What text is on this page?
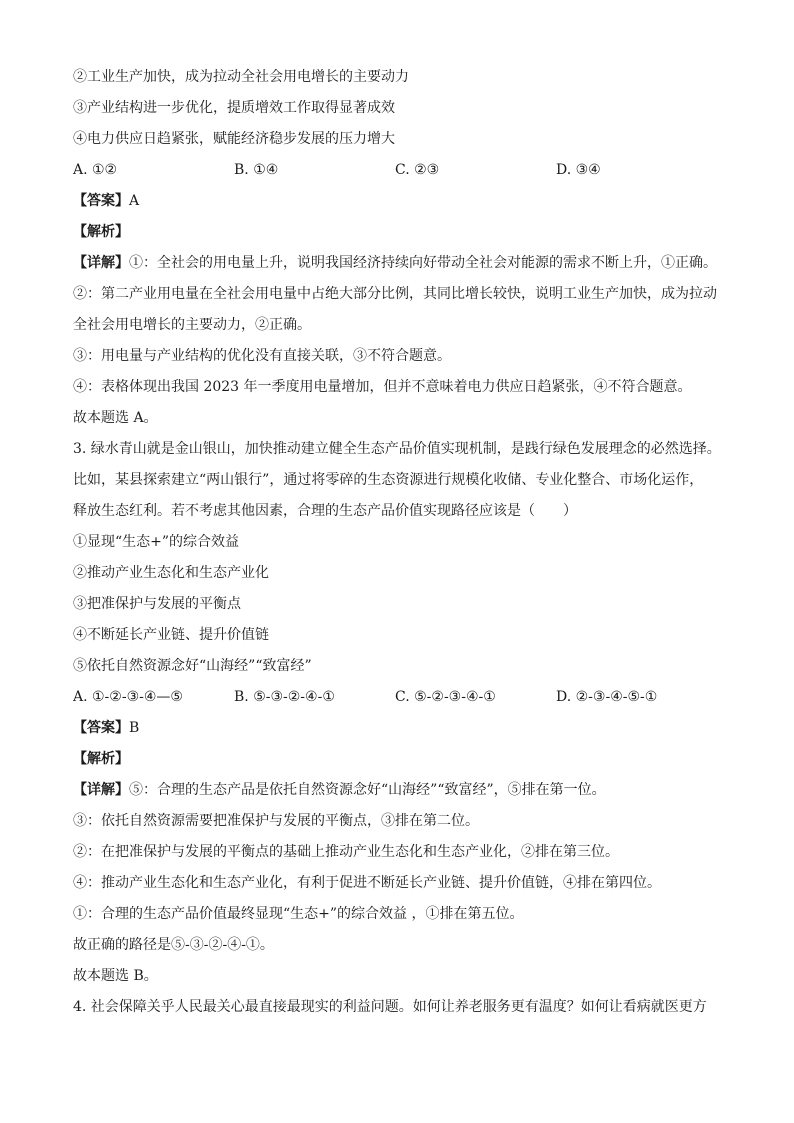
②工业生产加快，成为拉动全社会用电增长的主要动力
③产业结构进一步优化，提质增效工作取得显著成效
④电力供应日趋紧张，赋能经济稳步发展的压力增大
A. ①②	B. ①④	C. ②③	D. ③④
【答案】A
【解析】
【详解】①：全社会的用电量上升，说明我国经济持续向好带动全社会对能源的需求不断上升，①正确。
②：第二产业用电量在全社会用电量中占绝大部分比例，其同比增长较快，说明工业生产加快，成为拉动
全社会用电增长的主要动力，②正确。
③：用电量与产业结构的优化没有直接关联，③不符合题意。
④：表格体现出我国 2023 年一季度用电量增加，但并不意味着电力供应日趋紧张，④不符合题意。
故本题选 A。
3. 绿水青山就是金山银山，加快推动建立健全生态产品价值实现机制，是践行绿色发展理念的必然选择。
比如，某县探索建立“两山银行”，通过将零碎的生态资源进行规模化收储、专业化整合、市场化运作，
释放生态红利。若不考虑其他因素，合理的生态产品价值实现路径应该是（　　）
①显现“生态+”的综合效益
②推动产业生态化和生态产业化
③把准保护与发展的平衡点
④不断延长产业链、提升价值链
⑤依托自然资源念好“山海经”“致富经”
A. ①-②-③-④—⑤	B. ⑤-③-②-④-①	C. ⑤-②-③-④-①	D. ②-③-④-⑤-①
【答案】B
【解析】
【详解】⑤：合理的生态产品是依托自然资源念好“山海经”“致富经”，⑤排在第一位。
③：依托自然资源需要把准保护与发展的平衡点，③排在第二位。
②：在把准保护与发展的平衡点的基础上推动产业生态化和生态产业化，②排在第三位。
④：推动产业生态化和生态产业化，有利于促进不断延长产业链、提升价值链，④排在第四位。
①：合理的生态产品价值最终显现“生态+”的综合效益 ，①排在第五位。
故正确的路径是⑤-③-②-④-①。
故本题选 B。
4. 社会保障关乎人民最关心最直接最现实的利益问题。如何让养老服务更有温度？如何让看病就医更方
